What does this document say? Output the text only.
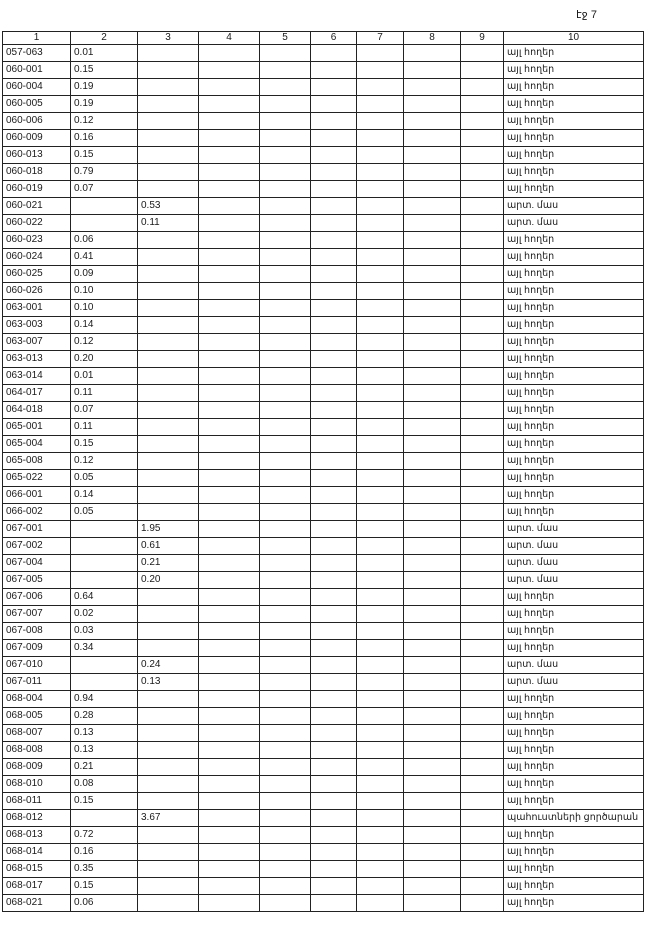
էջ 7
1	2	3	4	5	6	7	8	9	10
057-063	0.01								այլ հողեր
060-001	0.15								այլ հողեր
060-004	0.19								այլ հողեր
060-005	0.19								այլ հողեր
060-006	0.12								այլ հողեր
060-009	0.16								այլ հողեր
060-013	0.15								այլ հողեր
060-018	0.79								այլ հողեր
060-019	0.07								այլ հողեր
060-021		0.53							արտ. մաս
060-022		0.11							արտ. մաս
060-023	0.06								այլ հողեր
060-024	0.41								այլ հողեր
060-025	0.09								այլ հողեր
060-026	0.10								այլ հողեր
063-001	0.10								այլ հողեր
063-003	0.14								այլ հողեր
063-007	0.12								այլ հողեր
063-013	0.20								այլ հողեր
063-014	0.01								այլ հողեր
064-017	0.11								այլ հողեր
064-018	0.07								այլ հողեր
065-001	0.11								այլ հողեր
065-004	0.15								այլ հողեր
065-008	0.12								այլ հողեր
065-022	0.05								այլ հողեր
066-001	0.14								այլ հողեր
066-002	0.05								այլ հողեր
067-001		1.95							արտ. մաս
067-002		0.61							արտ. մաս
067-004		0.21							արտ. մաս
067-005		0.20							արտ. մաս
067-006	0.64								այլ հողեր
067-007	0.02								այլ հողեր
067-008	0.03								այլ հողեր
067-009	0.34								այլ հողեր
067-010		0.24							արտ. մաս
067-011		0.13							արտ. մաս
068-004	0.94								այլ հողեր
068-005	0.28								այլ հողեր
068-007	0.13								այլ հողեր
068-008	0.13								այլ հողեր
068-009	0.21								այլ հողեր
068-010	0.08								այլ հողեր
068-011	0.15								այլ հողեր
068-012		3.67							պահուստների ցործարան
068-013	0.72								այլ հողեր
068-014	0.16								այլ հողեր
068-015	0.35								այլ հողեր
068-017	0.15								այլ հողեր
068-021	0.06								այլ հողեր
